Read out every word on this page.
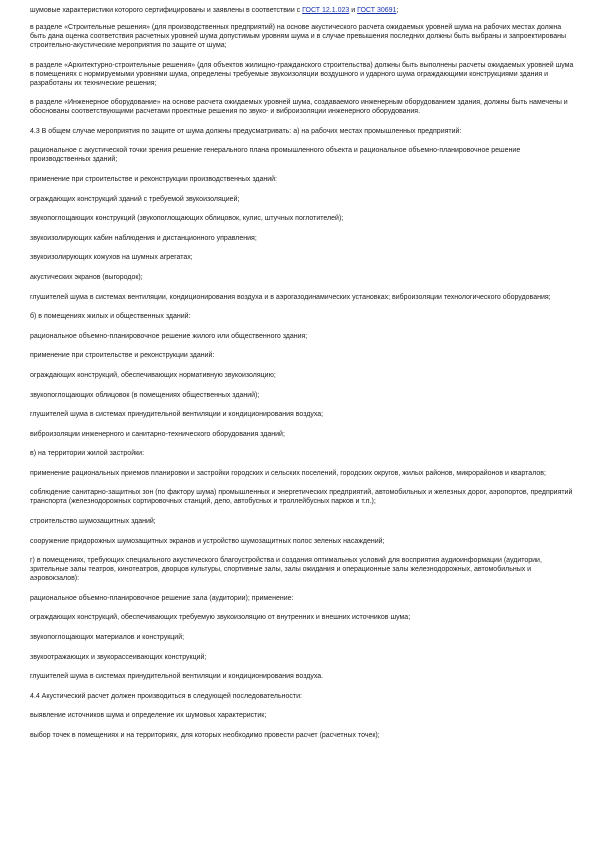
шумовые характеристики которого сертифицированы и заявлены в соответствии с ГОСТ 12.1.023 и ГОСТ 30691;

в разделе «Строительные решения» (для производственных предприятий) на основе акустического расчета ожидаемых уровней шума на рабочих местах должна быть дана оценка соответствия расчетных уровней шума допустимым уровням шума и в случае превышения последних должны быть выбраны и запроектированы строительно-акустические мероприятия по защите от шума;

в разделе «Архитектурно-строительные решения» (для объектов жилищно-гражданского строительства) должны быть выполнены расчеты ожидаемых уровней шума в помещениях с нормируемыми уровнями шума, определены требуемые звукоизоляции воздушного и ударного шума ограждающими конструкциями здания и разработаны их технические решения;

в разделе «Инженерное оборудование» на основе расчета ожидаемых уровней шума, создаваемого инженерным оборудованием здания, должны быть намечены и обоснованы соответствующими расчетами проектные решения по звуко- и виброизоляции инженерного оборудования.

4.3 В общем случае мероприятия по защите от шума должны предусматривать: а) на рабочих местах промышленных предприятий:

рациональное с акустической точки зрения решение генерального плана промышленного объекта и рациональное объемно-планировочное решение производственных зданий;

применение при строительстве и реконструкции производственных зданий:

ограждающих конструкций зданий с требуемой звукоизоляцией;

звукопоглощающих конструкций (звукопоглощающих облицовок, кулис, штучных поглотителей);

звукоизолирующих кабин наблюдения и дистанционного управления;

звукоизолирующих кожухов на шумных агрегатах;

акустических экранов (выгородок);

глушителей шума в системах вентиляции, кондиционирования воздуха и в аэрогазодинамических установках; виброизоляции технологического оборудования;

б) в помещениях жилых и общественных зданий:

рациональное объемно-планировочное решение жилого или общественного здания;

применение при строительстве и реконструкции зданий:

ограждающих конструкций, обеспечивающих нормативную звукоизоляцию;

звукопоглощающих облицовок (в помещениях общественных зданий);

глушителей шума в системах принудительной вентиляции и кондиционирования воздуха;

виброизоляции инженерного и санитарно-технического оборудования зданий;

в) на территории жилой застройки:

применение рациональных приемов планировки и застройки городских и сельских поселений, городских округов, жилых районов, микрорайонов и кварталов;

соблюдение санитарно-защитных зон (по фактору шума) промышленных и энергетических предприятий, автомобильных и железных дорог, аэропортов, предприятий транспорта (железнодорожных сортировочных станций, депо, автобусных и троллейбусных парков и т.п.);

строительство шумозащитных зданий;

сооружение придорожных шумозащитных экранов и устройство шумозащитных полос зеленых насаждений;

г) в помещениях, требующих специального акустического благоустройства и создания оптимальных условий для восприятия аудиоинформации (аудитории, зрительные залы театров, кинотеатров, дворцов культуры, спортивные залы, залы ожидания и операционные залы железнодорожных, автомобильных и аэровокзалов):

рациональное объемно-планировочное решение зала (аудитории); применение:

ограждающих конструкций, обеспечивающих требуемую звукоизоляцию от внутренних и внешних источников шума;

звукопоглощающих материалов и конструкций;

звукоотражающих и звукорассеивающих конструкций;

глушителей шума в системах принудительной вентиляции и кондиционирования воздуха.

4.4 Акустический расчет должен производиться в следующей последовательности:

выявление источников шума и определение их шумовых характеристик;

выбор точек в помещениях и на территориях, для которых необходимо провести расчет (расчетных точек);
